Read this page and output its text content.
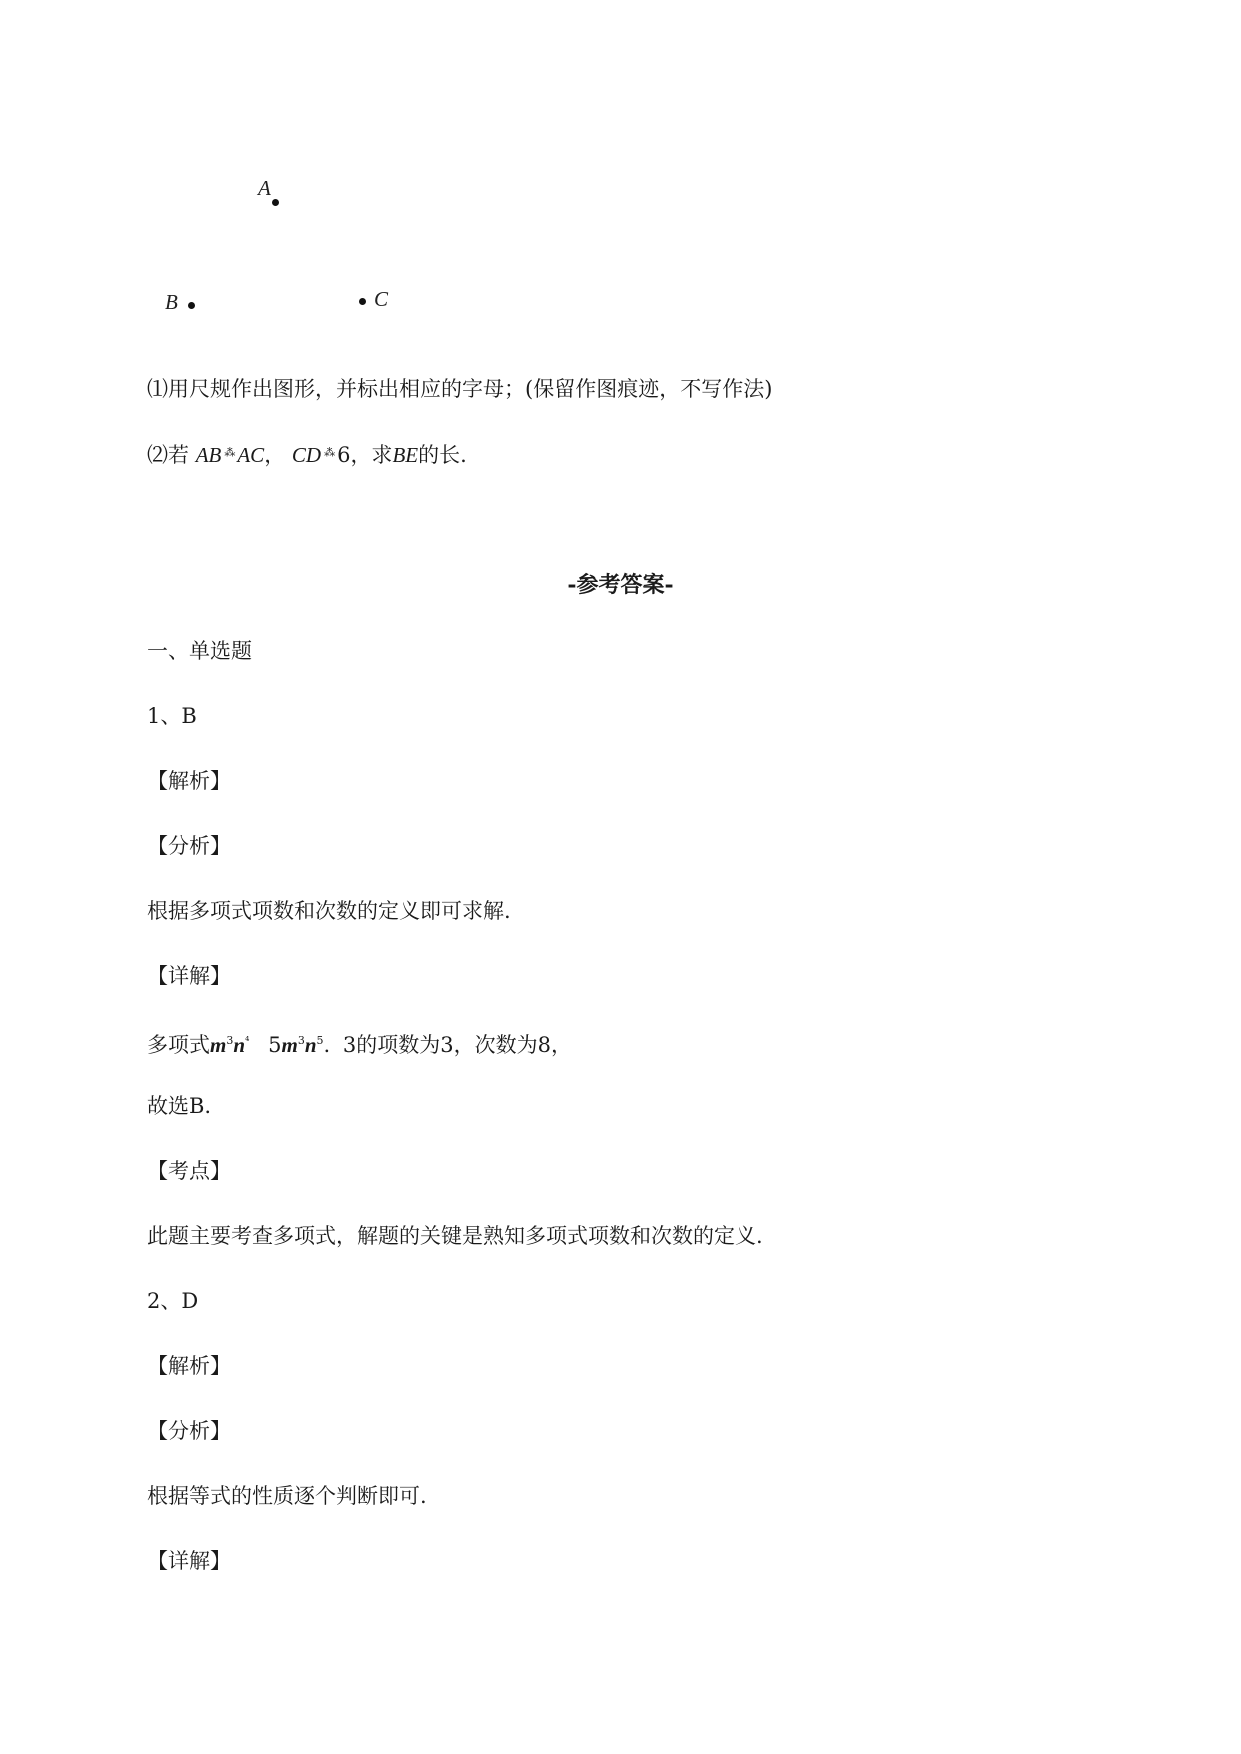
A
B	C
⑴用尺规作出图形，并标出相应的字母；(保留作图痕迹，不写作法)
⑵若 AB ⁂ AC， CD ⁂ 6，求BE的长.
-参考答案-
一、单选题
1、B
【解析】
【分析】
根据多项式项数和次数的定义即可求解.
【详解】
多项式$m^3n^{^4}$ $5m^3n^5$. 3的项数为3，次数为8，
故选B.
【考点】
此题主要考查多项式，解题的关键是熟知多项式项数和次数的定义.
2、D
【解析】
【分析】
根据等式的性质逐个判断即可.
【详解】
